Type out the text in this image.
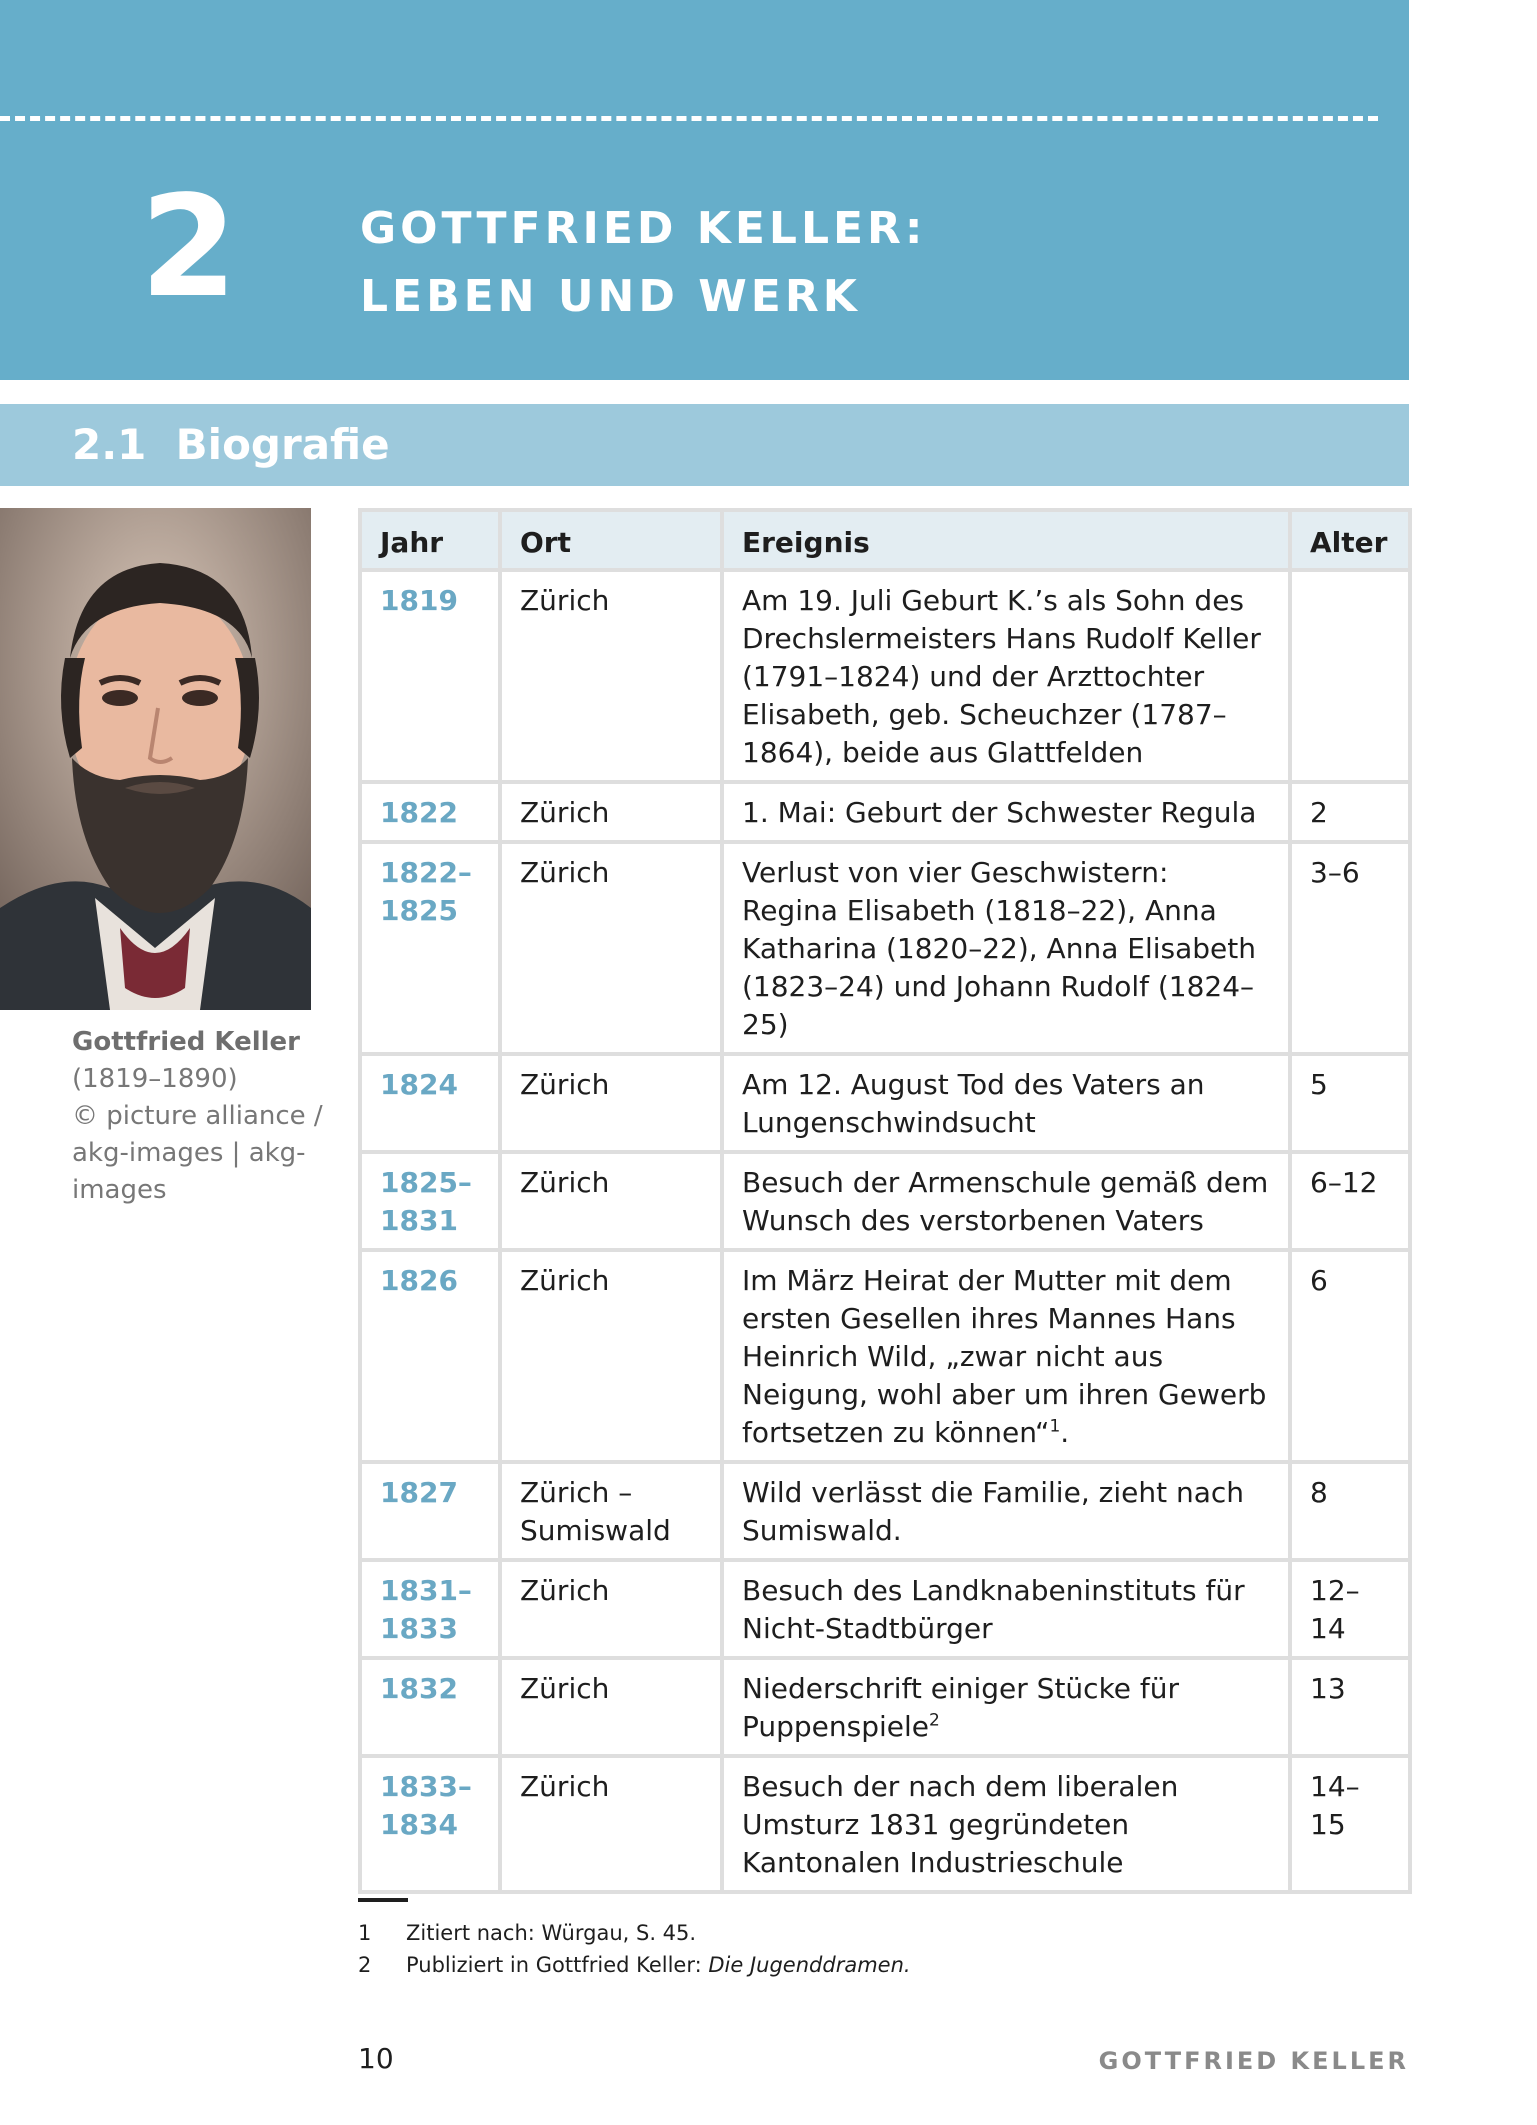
2	GOTTFRIED KELLER:
LEBEN UND WERK
2.1 Biografie
Gottfried Keller
(1819–1890)
© picture alliance /
akg-images | akg-
images
Jahr	Ort	Ereignis	Alter
1819	Zürich	Am 19. Juli Geburt K.’s als Sohn des Drechslermeisters Hans Rudolf Keller (1791–1824) und der Arzttochter Elisabeth, geb. Scheuchzer (1787–1864), beide aus Glattfelden	
1822	Zürich	1. Mai: Geburt der Schwester Regula	2
1822–1825	Zürich	Verlust von vier Geschwistern: Regina Elisabeth (1818–22), Anna Katharina (1820–22), Anna Elisabeth (1823–24) und Johann Rudolf (1824–25)	3–6
1824	Zürich	Am 12. August Tod des Vaters an Lungenschwindsucht	5
1825–1831	Zürich	Besuch der Armenschule gemäß dem Wunsch des verstorbenen Vaters	6–12
1826	Zürich	Im März Heirat der Mutter mit dem ersten Gesellen ihres Mannes Hans Heinrich Wild, „zwar nicht aus Neigung, wohl aber um ihren Gewerb fortsetzen zu können“$^1$.	6
1827	Zürich – Sumiswald	Wild verlässt die Familie, zieht nach Sumiswald.	8
1831–1833	Zürich	Besuch des Landknabeninstituts für Nicht-Stadtbürger	12–14
1832	Zürich	Niederschrift einiger Stücke für Puppenspiele$^2$	13
1833–1834	Zürich	Besuch der nach dem liberalen Umsturz 1831 gegründeten Kantonalen Industrieschule	14–15
1	Zitiert nach: Würgau, S. 45.
2	Publiziert in Gottfried Keller: Die Jugenddramen.
10	GOTTFRIED KELLER
